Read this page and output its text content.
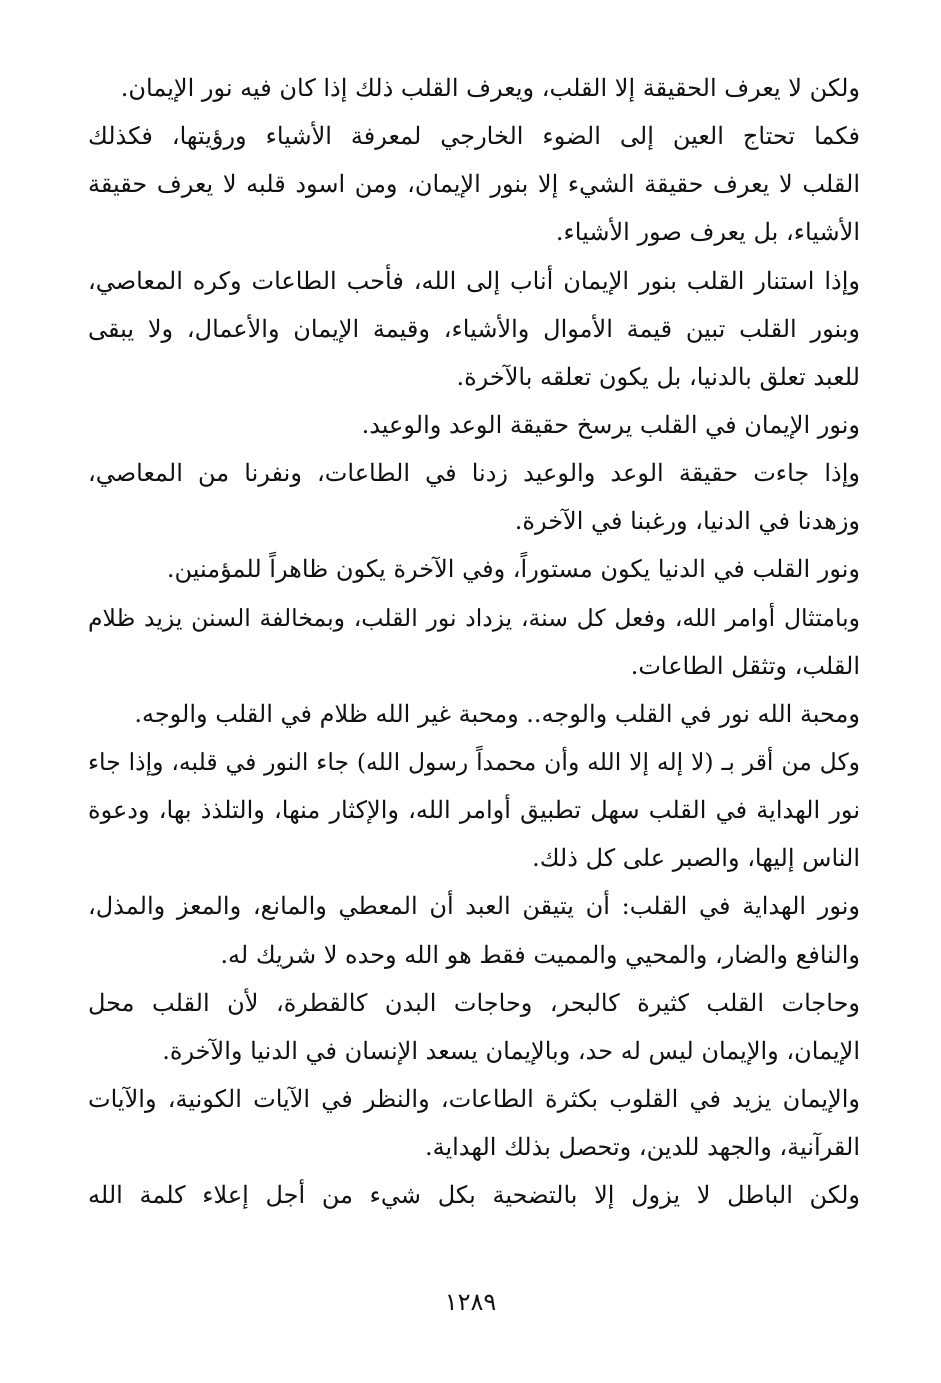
ولكن لا يعرف الحقيقة إلا القلب، ويعرف القلب ذلك إذا كان فيه نور الإيمان.
فكما تحتاج العين إلى الضوء الخارجي لمعرفة الأشياء ورؤيتها، فكذلك
القلب لا يعرف حقيقة الشيء إلا بنور الإيمان، ومن اسود قلبه لا يعرف حقيقة
الأشياء، بل يعرف صور الأشياء.
وإذا استنار القلب بنور الإيمان أناب إلى الله، فأحب الطاعات وكره المعاصي،
وبنور القلب تبين قيمة الأموال والأشياء، وقيمة الإيمان والأعمال، ولا يبقى
للعبد تعلق بالدنيا، بل يكون تعلقه بالآخرة.
ونور الإيمان في القلب يرسخ حقيقة الوعد والوعيد.
وإذا جاءت حقيقة الوعد والوعيد زدنا في الطاعات، ونفرنا من المعاصي،
وزهدنا في الدنيا، ورغبنا في الآخرة.
ونور القلب في الدنيا يكون مستوراً، وفي الآخرة يكون ظاهراً للمؤمنين.
وبامتثال أوامر الله، وفعل كل سنة، يزداد نور القلب، وبمخالفة السنن يزيد ظلام
القلب، وتثقل الطاعات.
ومحبة الله نور في القلب والوجه.. ومحبة غير الله ظلام في القلب والوجه.
وكل من أقر بـ (لا إله إلا الله وأن محمداً رسول الله) جاء النور في قلبه، وإذا جاء
نور الهداية في القلب سهل تطبيق أوامر الله، والإكثار منها، والتلذذ بها، ودعوة
الناس إليها، والصبر على كل ذلك.
ونور الهداية في القلب: أن يتيقن العبد أن المعطي والمانع، والمعز والمذل،
والنافع والضار، والمحيي والمميت فقط هو الله وحده لا شريك له.
وحاجات القلب كثيرة كالبحر، وحاجات البدن كالقطرة، لأن القلب محل
الإيمان، والإيمان ليس له حد، وبالإيمان يسعد الإنسان في الدنيا والآخرة.
والإيمان يزيد في القلوب بكثرة الطاعات، والنظر في الآيات الكونية، والآيات
القرآنية، والجهد للدين، وتحصل بذلك الهداية.
ولكن الباطل لا يزول إلا بالتضحية بكل شيء من أجل إعلاء كلمة الله
١٢٨٩
